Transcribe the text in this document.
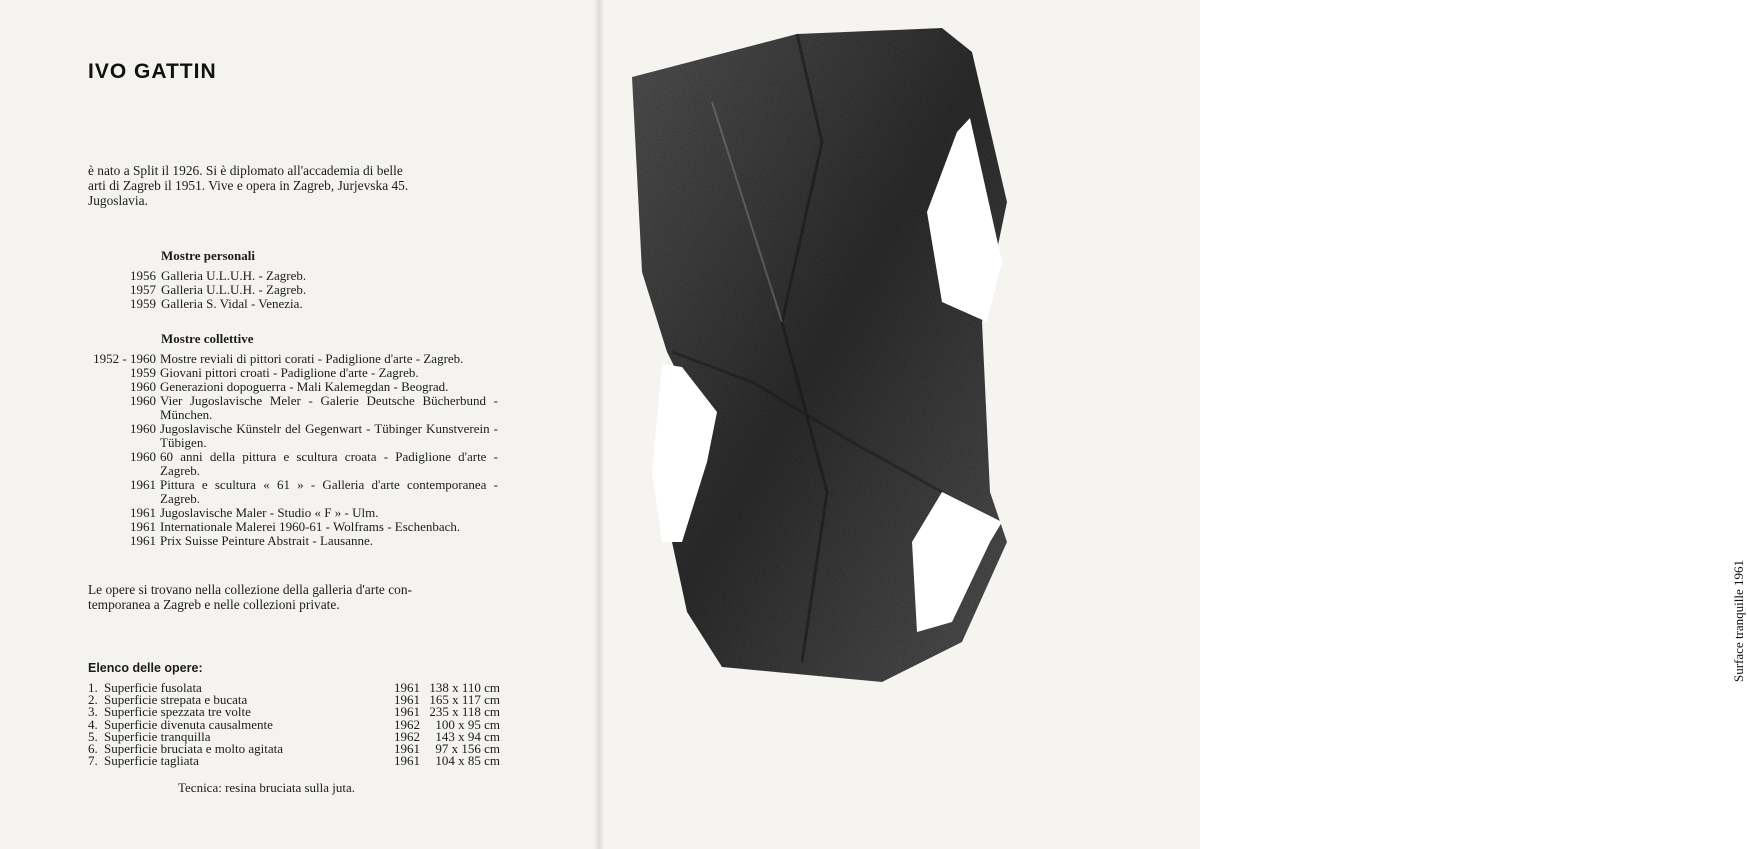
IVO GATTIN
è nato a Split il 1926. Si è diplomato all'accademia di belle
arti di Zagreb il 1951. Vive e opera in Zagreb, Jurjevska 45.
Jugoslavia.
Mostre personali
1956 Galleria U.L.U.H. - Zagreb.
1957 Galleria U.L.U.H. - Zagreb.
1959 Galleria S. Vidal - Venezia.
Mostre collettive
1952 - 1960 Mostre reviali di pittori corati - Padiglione d'arte - Zagreb.
1959 Giovani pittori croati - Padiglione d'arte - Zagreb.
1960 Generazioni dopoguerra - Mali Kalemegdan - Beograd.
1960 Vier Jugoslavische Meler - Galerie Deutsche Bücherbund - München.
1960 Jugoslavische Künstelr del Gegenwart - Tübinger Kunstverein - Tübigen.
1960 60 anni della pittura e scultura croata - Padiglione d'arte - Zagreb.
1961 Pittura e scultura « 61 » - Galleria d'arte contemporanea - Zagreb.
1961 Jugoslavische Maler - Studio « F » - Ulm.
1961 Internationale Malerei 1960-61 - Wolframs - Eschenbach.
1961 Prix Suisse Peinture Abstrait - Lausanne.
Le opere si trovano nella collezione della galleria d'arte con-
temporanea a Zagreb e nelle collezioni private.
Elenco delle opere:
1. Superficie fusolata	1961 138 x 110 cm
2. Superficie strepata e bucata	1961 165 x 117 cm
3. Superficie spezzata tre volte	1961 235 x 118 cm
4. Superficie divenuta causalmente	1962	100 x 95 cm
5. Superficie tranquilla	1962	143 x 94 cm
6. Superficie bruciata e molto agitata	1961	97 x 156 cm
7. Superficie tagliata	1961	104 x 85 cm
Tecnica: resina bruciata sulla juta.
Surface tranquille 1961
